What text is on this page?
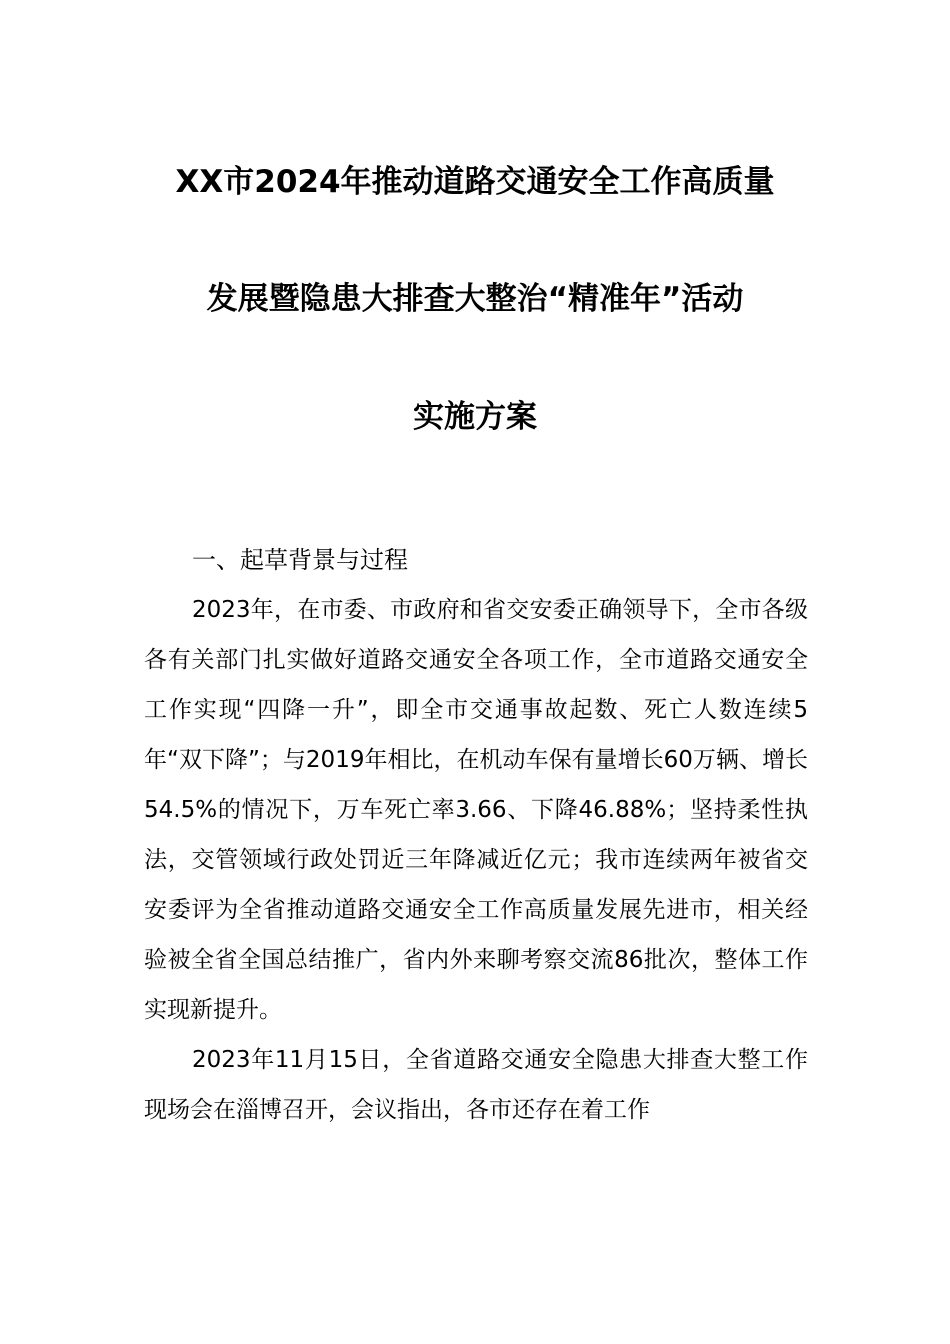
XX市2024年推动道路交通安全工作高质量
发展暨隐患大排查大整治“精准年”活动
实施方案
一、起草背景与过程

2023年，在市委、市政府和省交安委正确领导下，全市各级各有关部门扎实做好道路交通安全各项工作，全市道路交通安全工作实现“四降一升”，即全市交通事故起数、死亡人数连续5年“双下降”；与2019年相比，在机动车保有量增长60万辆、增长54.5%的情况下，万车死亡率3.66、下降46.88%；坚持柔性执法，交管领域行政处罚近三年降减近亿元；我市连续两年被省交安委评为全省推动道路交通安全工作高质量发展先进市，相关经验被全省全国总结推广，省内外来聊考察交流86批次，整体工作实现新提升。

2023年11月15日，全省道路交通安全隐患大排查大整工作现场会在淄博召开，会议指出，各市还存在着工作
